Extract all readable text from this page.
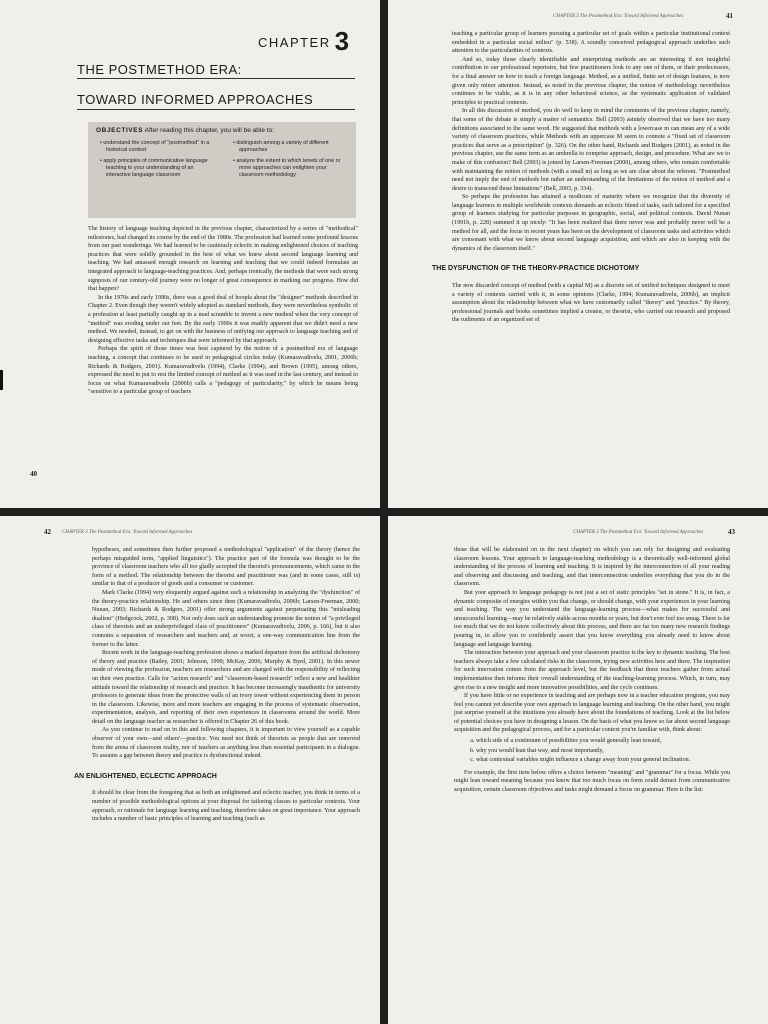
CHAPTER 3
THE POSTMETHOD ERA:
TOWARD INFORMED APPROACHES
OBJECTIVES After reading this chapter, you will be able to:
• understand the concept of "postmethod" in a historical context
• apply principles of communicative language teaching to your understanding of an interactive language classroom
• distinguish among a variety of different approaches
• analyze the extent to which tenets of one or more approaches can enlighten your classroom methodology

The history of language teaching depicted in the previous chapter, characterized by a series of "methodical" milestones, had changed its course by the end of the 1980s. The profession had learned some profound lessons from our past wanderings. We had learned to be cautiously eclectic in making enlightened choices of teaching practices that were solidly grounded in the best of what we knew about second language learning and teaching. We had amassed enough research on learning and teaching that we could indeed formulate an integrated approach to language-teaching practices. And, perhaps ironically, the methods that were such strong signposts of our century-old journey were no longer of great consequence in marking our progress. How did that happen?

In the 1970s and early 1980s, there was a good deal of hoopla about the "designer" methods described in Chapter 2. Even though they weren't widely adopted as standard methods, they were nevertheless symbolic of a profession at least partially caught up in a mad scramble to invent a new method when the very concept of "method" was eroding under our feet. By the early 1990s it was readily apparent that we didn't need a new method. We needed, instead, to get on with the business of unifying our approach to language teaching and of designing effective tasks and techniques that were informed by that approach.

Perhaps the spirit of those times was best captured by the notion of a postmethod era of language teaching, a concept that continues to be used in pedagogical circles today (Kumaravadivelu, 2001, 2006b; Richards & Rodgers, 2001). Kumaravadivelu (1994), Clarke (1994), and Brown (1995), among others, expressed the need to put to rest the limited concept of method as it was used in the last century, and instead to focus on what Kumaravadivelu (2006b) calls a "pedagogy of particularity," by which he means being "sensitive to a particular group of teachers

40
CHAPTER 3 The Postmethod Era: Toward Informed Approaches	41

teaching a particular group of learners pursuing a particular set of goals within a particular institutional context embedded in a particular social milieu" (p. 538). A soundly conceived pedagogical approach underlies such attention to the particularities of contexts.

And so, today those clearly identifiable and enterprising methods are an interesting if not insightful contribution to our professional repertoire, but few practitioners look to any one of them, or their predecessors, for a final answer on how to teach a foreign language. Method, as a unified, finite set of design features, is now given only minor attention. Instead, as noted in the previous chapter, the notion of methodology nevertheless continues to be viable, as it is in any other behavioral science, as the systematic application of validated principles to practical contexts.

In all this discussion of method, you do well to keep in mind the comments of the previous chapter, namely, that some of the debate is simply a matter of semantics. Bell (2003) astutely observed that we have too many definitions associated to the same word. He suggested that methods with a lowercase m can mean any of a wide variety of classroom practices, while Methods with an uppercase M seem to connote a "fixed set of classroom practices that serve as a prescription" (p. 326). On the other hand, Richards and Rodgers (2001), as noted in the previous chapter, use the same term as an umbrella to comprise approach, design, and procedure. What are we to make of this confusion? Bell (2003) is joined by Larsen-Freeman (2000), among others, who remain comfortable with maintaining the notion of methods (with a small m) as long as we are clear about the referent. "Postmethod need not imply the end of methods but rather an understanding of the limitations of the notion of method and a desire to transcend those limitations" (Bell, 2003, p. 334).

So perhaps the profession has attained a modicum of maturity where we recognize that the diversity of language learners in multiple worldwide contexts demands an eclectic blend of tasks, each tailored for a specified group of learners studying for particular purposes in geographic, social, and political contexts. David Nunan (1991b, p. 228) summed it up nicely: "It has been realized that there never was and probably never will be a method for all, and the focus in recent years has been on the development of classroom tasks and activities which are consonant with what we know about second language acquisition, and which are also in keeping with the dynamics of the classroom itself."

THE DYSFUNCTION OF THE THEORY-PRACTICE DICHOTOMY

The now discarded concept of method (with a capital M) as a discrete set of unified techniques designed to meet a variety of contexts carried with it, in some opinions (Clarke, 1994; Kumaravadivelu, 2006b), an implicit assumption about the relationship between what we have customarily called "theory" and "practice." By theory, professional journals and books sometimes implied a creator, or theorist, who carried out research and proposed the rudiments of an organized set of

42 CHAPTER 3 The Postmethod Era: Toward Informed Approaches

hypotheses, and sometimes then further proposed a methodological "application" of the theory (hence the perhaps misguided term, "applied linguistics"). The practice part of the formula was thought to be the province of classroom teachers who all too gladly accepted the theorist's pronouncements, which came in the form of a method. The relationship between the theorist and practitioner was (and in some cases, still is) similar to that of a producer of goods and a consumer or customer.

Mark Clarke (1994) very eloquently argued against such a relationship in analyzing the "dysfunction" of the theory-practice relationship. He and others since then (Kumaravadivelu, 2006b; Larsen-Freeman, 2000; Nunan, 2003; Richards & Rodgers, 2001) offer strong arguments against perpetuating this "misleading dualism" (Hedgcock, 2002, p. 308). Not only does such an understanding promote the notion of "a privileged class of theorists and an underprivileged class of practitioners" (Kumaravadivelu, 2006, p. 166), but it also connotes a separation of researchers and teachers and, at worst, a one-way communication line from the former to the latter.

Recent work in the language-teaching profession shows a marked departure from the artificial dichotomy of theory and practice (Bailey, 2001; Johnson, 1999; McKay, 2006; Murphy & Byrd, 2001). In this newer mode of viewing the profession, teachers are researchers and are charged with the responsibility of reflecting on their own practice. Calls for "action research" and "classroom-based research" reflect a new and healthier attitude toward the relationship of research and practice. It has become increasingly inauthentic for university professors to generate ideas from the protective walls of an ivory tower without experiencing them in person in the classroom. Likewise, more and more teachers are engaging in the process of systematic observation, experimentation, analysis, and reporting of their own experiences in classrooms around the world. More detail on the language teacher as researcher is offered in Chapter 26 of this book.

As you continue to read on in this and following chapters, it is important to view yourself as a capable observer of your own—and others'—practice. You need not think of theorists as people that are removed from the arena of classroom reality, nor of teachers as anything less than essential participants in a dialogue. To assume a gap between theory and practice is dysfunctional indeed.

AN ENLIGHTENED, ECLECTIC APPROACH

It should be clear from the foregoing that as both an enlightened and eclectic teacher, you think in terms of a number of possible methodological options at your disposal for tailoring classes to particular contexts. Your approach, or rationale for language learning and teaching, therefore takes on great importance. Your approach includes a number of basic principles of learning and teaching (such as

CHAPTER 3 The Postmethod Era: Toward Informed Approaches	43

those that will be elaborated on in the next chapter) on which you can rely for designing and evaluating classroom lessons. Your approach to language-teaching methodology is a theoretically well-informed global understanding of the process of learning and teaching. It is inspired by the interconnection of all your reading and observing and discussing and teaching, and that interconnection underlies everything that you do in the classroom.

But your approach to language pedagogy is not just a set of static principles "set in stone." It is, in fact, a dynamic composite of energies within you that change, or should change, with your experiences in your learning and teaching. The way you understand the language-learning process—what makes for successful and unsuccessful learning—may be relatively stable across months or years, but don't ever feel too smug. There is far too much that we do not know collectively about this process, and there are far too many new research findings pouring in, to allow you to confidently assert that you know everything you already need to know about language and language learning.

The interaction between your approach and your classroom practice is the key to dynamic teaching. The best teachers always take a few calculated risks in the classroom, trying new activities here and there. The inspiration for such innovation comes from the approach level, but the feedback that these teachers gather from actual implementation then informs their overall understanding of the teaching-learning process. Which, in turn, may give rise to a new insight and more innovative possibilities, and the cycle continues.

If you have little or no experience in teaching and are perhaps now in a teacher education program, you may feel you cannot yet describe your own approach to language learning and teaching. On the other hand, you might just surprise yourself at the intuitions you already have about the foundations of teaching. Look at the list below of potential choices you have in designing a lesson. On the basis of what you know so far about second language acquisition and the pedagogical process, and for a particular context you're familiar with, think about:

a. which side of a continuum of possibilities you would generally lean toward,
b. why you would lean that way, and most importantly,
c. what contextual variables might influence a change away from your general inclination.

For example, the first item below offers a choice between "meaning" and "grammar" for a focus. While you might lean toward meaning because you know that too much focus on form could detract from communicative acquisition, certain classroom objectives and tasks might demand a focus on grammar. Here is the list:
